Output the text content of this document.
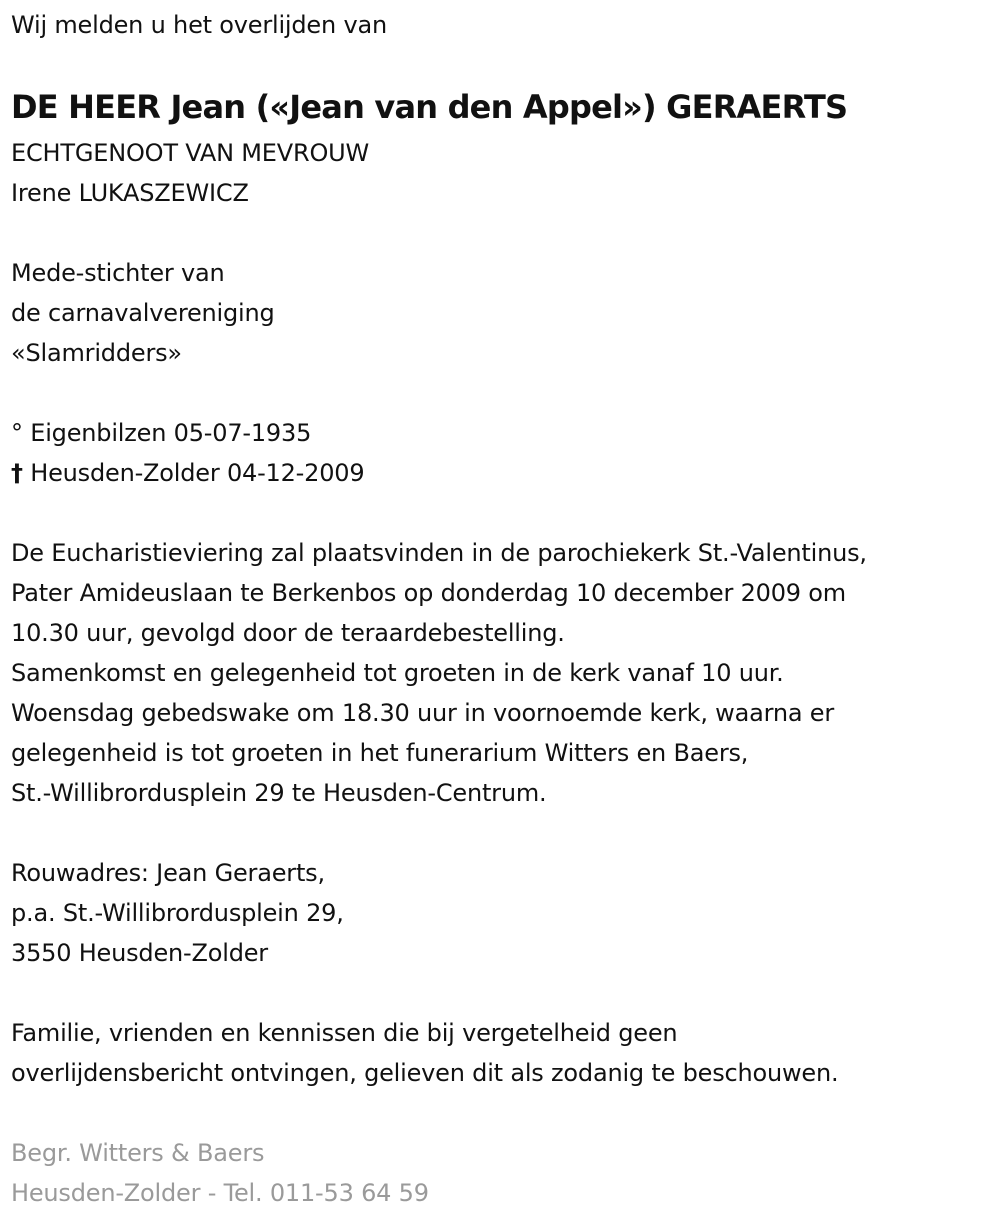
Wij melden u het overlijden van
DE HEER Jean («Jean van den Appel») GERAERTS
ECHTGENOOT VAN MEVROUW
Irene LUKASZEWICZ
Mede-stichter van
de carnavalvereniging
«Slamridders»
° Eigenbilzen 05-07-1935
† Heusden-Zolder 04-12-2009
De Eucharistieviering zal plaatsvinden in de parochiekerk St.-Valentinus,
Pater Amideuslaan te Berkenbos op donderdag 10 december 2009 om
10.30 uur, gevolgd door de teraardebestelling.
Samenkomst en gelegenheid tot groeten in de kerk vanaf 10 uur.
Woensdag gebedswake om 18.30 uur in voornoemde kerk, waarna er
gelegenheid is tot groeten in het funerarium Witters en Baers,
St.-Willibrordusplein 29 te Heusden-Centrum.
Rouwadres: Jean Geraerts,
p.a. St.-Willibrordusplein 29,
3550 Heusden-Zolder
Familie, vrienden en kennissen die bij vergetelheid geen
overlijdensbericht ontvingen, gelieven dit als zodanig te beschouwen.
Begr. Witters & Baers
Heusden-Zolder - Tel. 011-53 64 59
